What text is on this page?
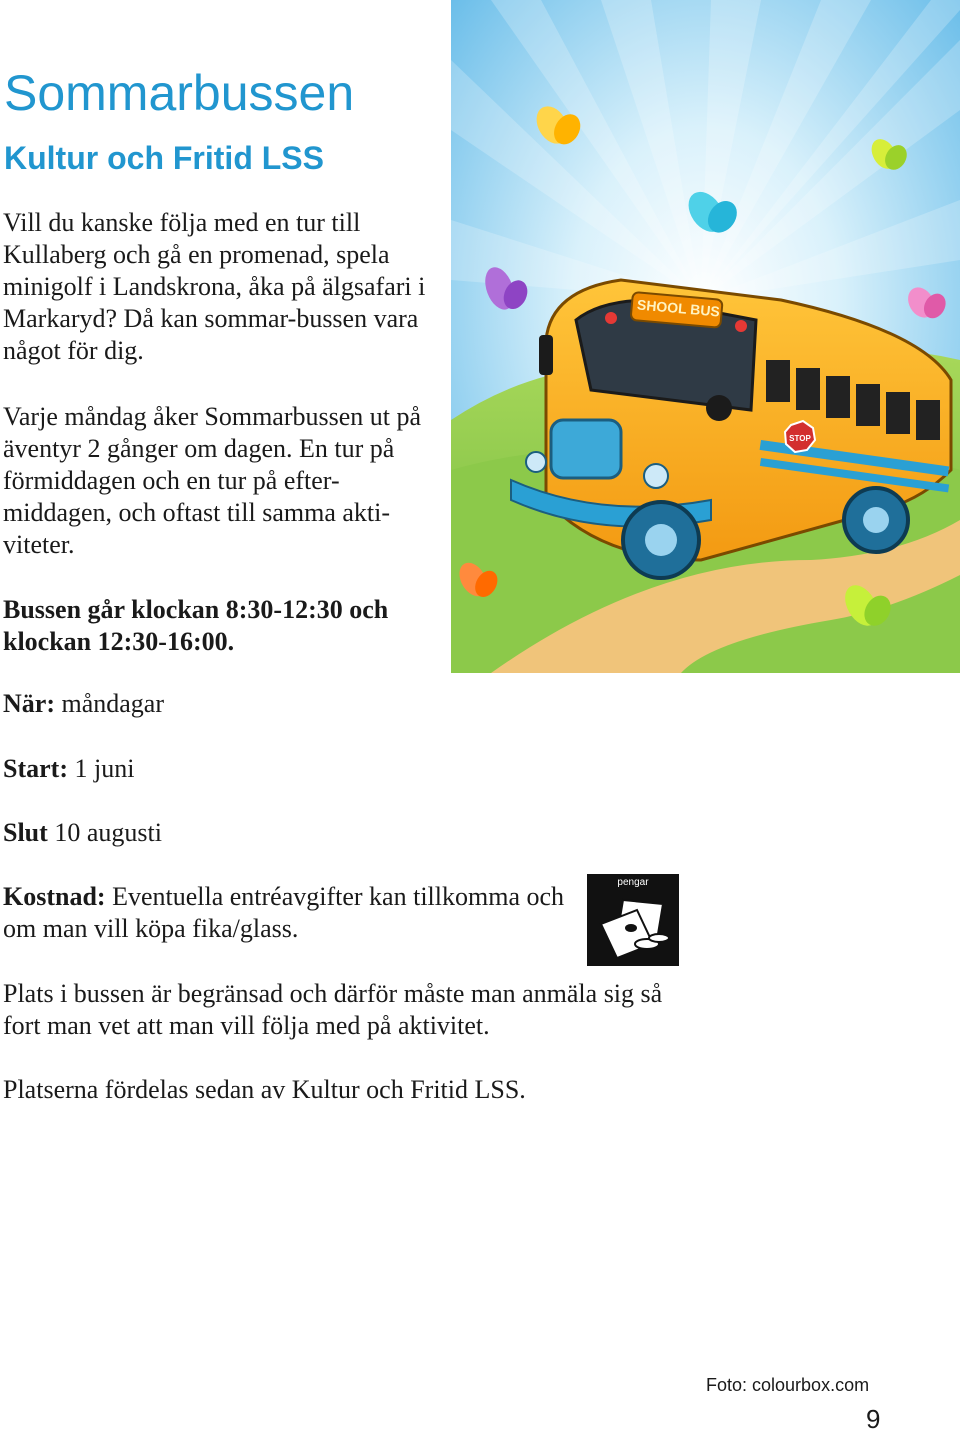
Sommarbussen
Kultur och Fritid LSS

Vill du kanske följa med en tur till Kullaberg och gå en promenad, spela minigolf i Landskrona, åka på älgsafari i Markaryd? Då kan sommar-bussen vara något för dig.

Varje måndag åker Sommarbussen ut på äventyr 2 gånger om dagen. En tur på förmiddagen och en tur på efter-middagen, och oftast till samma akti-viteter.

Bussen går klockan 8:30-12:30 och klockan 12:30-16:00.

När: måndagar

Start: 1 juni

Slut 10 augusti

Kostnad: Eventuella entréavgifter kan tillkomma och om man vill köpa fika/glass.

Plats i bussen är begränsad och därför måste man anmäla sig så fort man vet att man vill följa med på aktivitet.

Platserna fördelas sedan av Kultur och Fritid LSS.

SHOOL BUS
STOP
pengar
Foto: colourbox.com
9
